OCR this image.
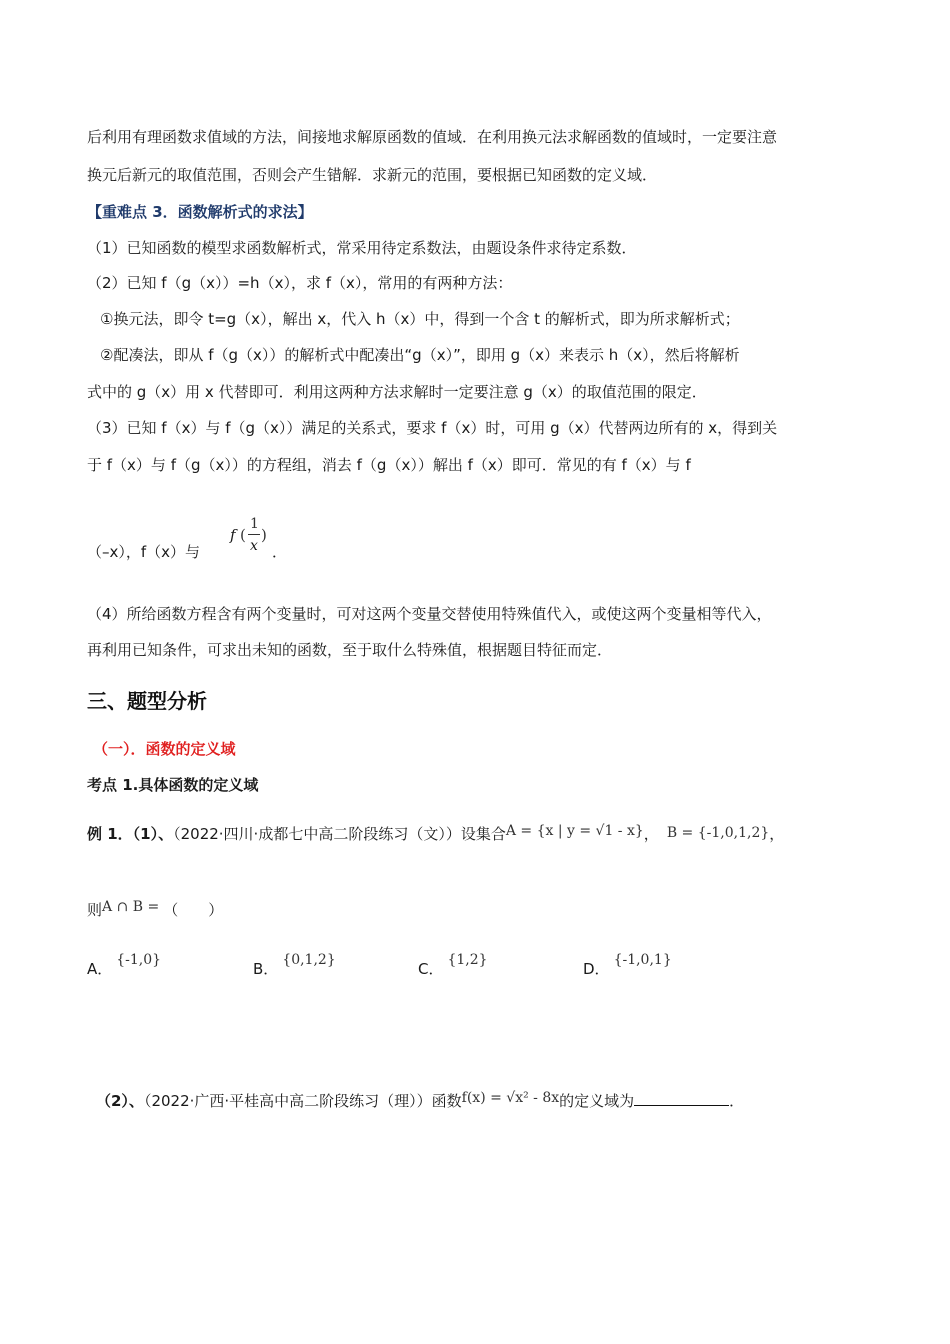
后利用有理函数求值域的方法，间接地求解原函数的值域．在利用换元法求解函数的值域时，一定要注意
换元后新元的取值范围，否则会产生错解．求新元的范围，要根据已知函数的定义域．
【重难点 3．函数解析式的求法】
（1）已知函数的模型求函数解析式，常采用待定系数法，由题设条件求待定系数．
（2）已知 f（g（x））=h（x），求 f（x），常用的有两种方法：
①换元法，即令 t=g（x），解出 x，代入 h（x）中，得到一个含 t 的解析式，即为所求解析式；
②配凑法，即从 f（g（x））的解析式中配凑出“g（x）”，即用 g（x）来表示 h（x），然后将解析
式中的 g（x）用 x 代替即可．利用这两种方法求解时一定要注意 g（x）的取值范围的限定．
（3）已知 f（x）与 f（g（x））满足的关系式，要求 f（x）时，可用 g（x）代替两边所有的 x，得到关
于 f（x）与 f（g（x））的方程组，消去 f（g（x））解出 f（x）即可．常见的有 f（x）与 f
（–x），f（x）与
f (
1
x
)
．
（4）所给函数方程含有两个变量时，可对这两个变量交替使用特殊值代入，或使这两个变量相等代入，
再利用已知条件，可求出未知的函数，至于取什么特殊值，根据题目特征而定．
三、题型分析
（一）．函数的定义域
考点 1.具体函数的定义域
例 1．（1）、（2022·四川·成都七中高二阶段练习（文））设集合A = {x | y = √1 - x}， B = {-1,0,1,2}，
则A ∩ B = （　　）
A． {-1,0}	B． {0,1,2}	C． {1,2}	D． {-1,0,1}
（2）、（2022·广西·平桂高中高二阶段练习（理））函数f(x) = √x² - 8x的定义域为	．
